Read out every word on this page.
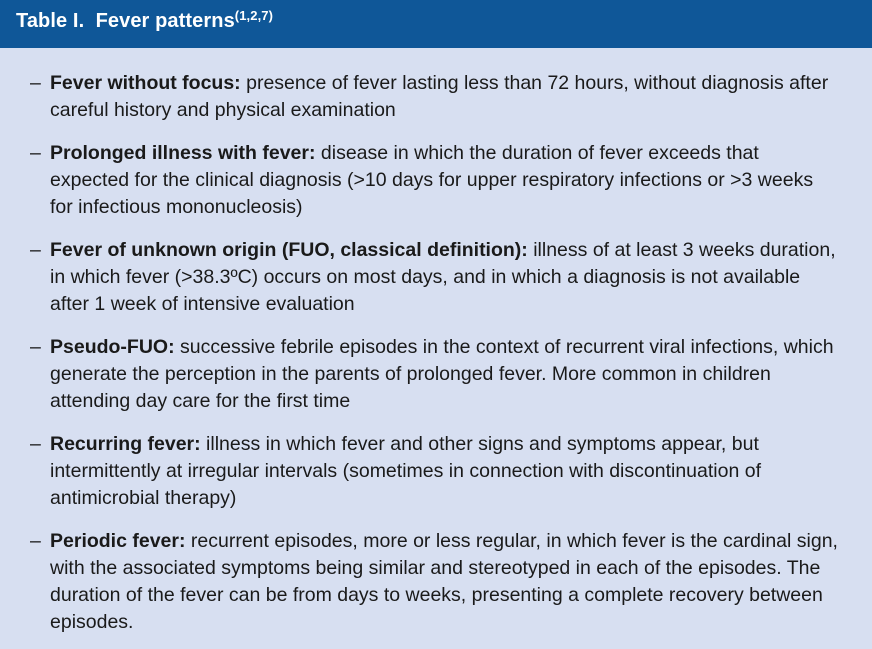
Table I. Fever patterns$^{(1,2,7)}$
– Fever without focus: presence of fever lasting less than 72 hours, without diagnosis after careful history and physical examination
– Prolonged illness with fever: disease in which the duration of fever exceeds that expected for the clinical diagnosis (>10 days for upper respiratory infections or >3 weeks for infectious mononucleosis)
– Fever of unknown origin (FUO, classical definition): illness of at least 3 weeks duration, in which fever (>38.3ºC) occurs on most days, and in which a diagnosis is not available after 1 week of intensive evaluation
– Pseudo-FUO: successive febrile episodes in the context of recurrent viral infections, which generate the perception in the parents of prolonged fever. More common in children attending day care for the first time
– Recurring fever: illness in which fever and other signs and symptoms appear, but intermittently at irregular intervals (sometimes in connection with discontinuation of antimicrobial therapy)
– Periodic fever: recurrent episodes, more or less regular, in which fever is the cardinal sign, with the associated symptoms being similar and stereotyped in each of the episodes. The duration of the fever can be from days to weeks, presenting a complete recovery between episodes.
